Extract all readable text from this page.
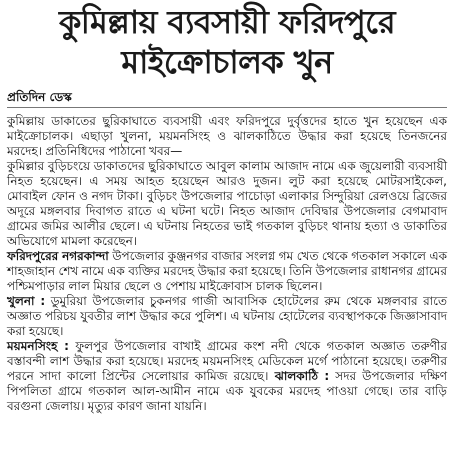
কুমিল্লায় ব্যবসায়ী ফরিদপুরে
মাইক্রোচালক খুন
প্রতিদিন ডেস্ক

কুমিল্লায় ডাকাতের ছুরিকাঘাতে ব্যবসায়ী এবং ফরিদপুরে দুর্বৃত্তদের হাতে খুন হয়েছেন এক মাইক্রোচালক। এছাড়া খুলনা, ময়মনসিংহ ও ঝালকাঠিতে উদ্ধার করা হয়েছে তিনজনের মরদেহ। প্রতিনিধিদের পাঠানো খবর—

কুমিল্লার বুড়িচংয়ে ডাকাতদের ছুরিকাঘাতে আবুল কালাম আজাদ নামে এক জুয়েলারী ব্যবসায়ী নিহত হয়েছেন। এ সময় আহত হয়েছেন আরও দুজন। লুট করা হয়েছে মোটরসাইকেল, মোবাইল ফোন ও নগদ টাকা। বুড়িচং উপজেলার পাচোড়া এলাকার সিন্দুরিয়া রেলওয়ে ব্রিজের অদূরে মঙ্গলবার দিবাগত রাতে এ ঘটনা ঘটে। নিহত আজাদ দেবিদ্বার উপজেলার বেগমাবাদ গ্রামের জমির আলীর ছেলে। এ ঘটনায় নিহতের ভাই গতকাল বুড়িচং থানায় হত্যা ও ডাকাতির অভিযোগে মামলা করেছেন।

ফরিদপুরের নগরকান্দা উপজেলার কুঞ্জনগর বাজার সংলগ্ন গম খেত থেকে গতকাল সকালে এক শাহজাহান শেখ নামে এক ব্যক্তির মরদেহ উদ্ধার করা হয়েছে। তিনি উপজেলার রাধানগর গ্রামের পশ্চিমপাড়ার লাল মিয়ার ছেলে ও পেশায় মাইক্রোবাস চালক ছিলেন।

খুলনা : ডুমুরিয়া উপজেলার চুকনগর গাজী আবাসিক হোটেলের রুম থেকে মঙ্গলবার রাতে অজ্ঞাত পরিচয় যুবতীর লাশ উদ্ধার করে পুলিশ। এ ঘটনায় হোটেলের ব্যবস্থাপককে জিজ্ঞাসাবাদ করা হয়েছে।

ময়মনসিংহ : ফুলপুর উপজেলার বাখাই গ্রামের কংশ নদী থেকে গতকাল অজ্ঞাত তরুণীর বস্তাবন্দী লাশ উদ্ধার করা হয়েছে। মরদেহ ময়মনসিংহ মেডিকেল মর্গে পাঠানো হয়েছে। তরুণীর পরনে সাদা কালো প্রিন্টের সেলোয়ার কামিজ রয়েছে। ঝালকাঠি : সদর উপজেলার দক্ষিণ পিপলিতা গ্রামে গতকাল আল-আমীন নামে এক যুবকের মরদেহ পাওয়া গেছে। তার বাড়ি বরগুনা জেলায়। মৃত্যুর কারণ জানা যায়নি।
